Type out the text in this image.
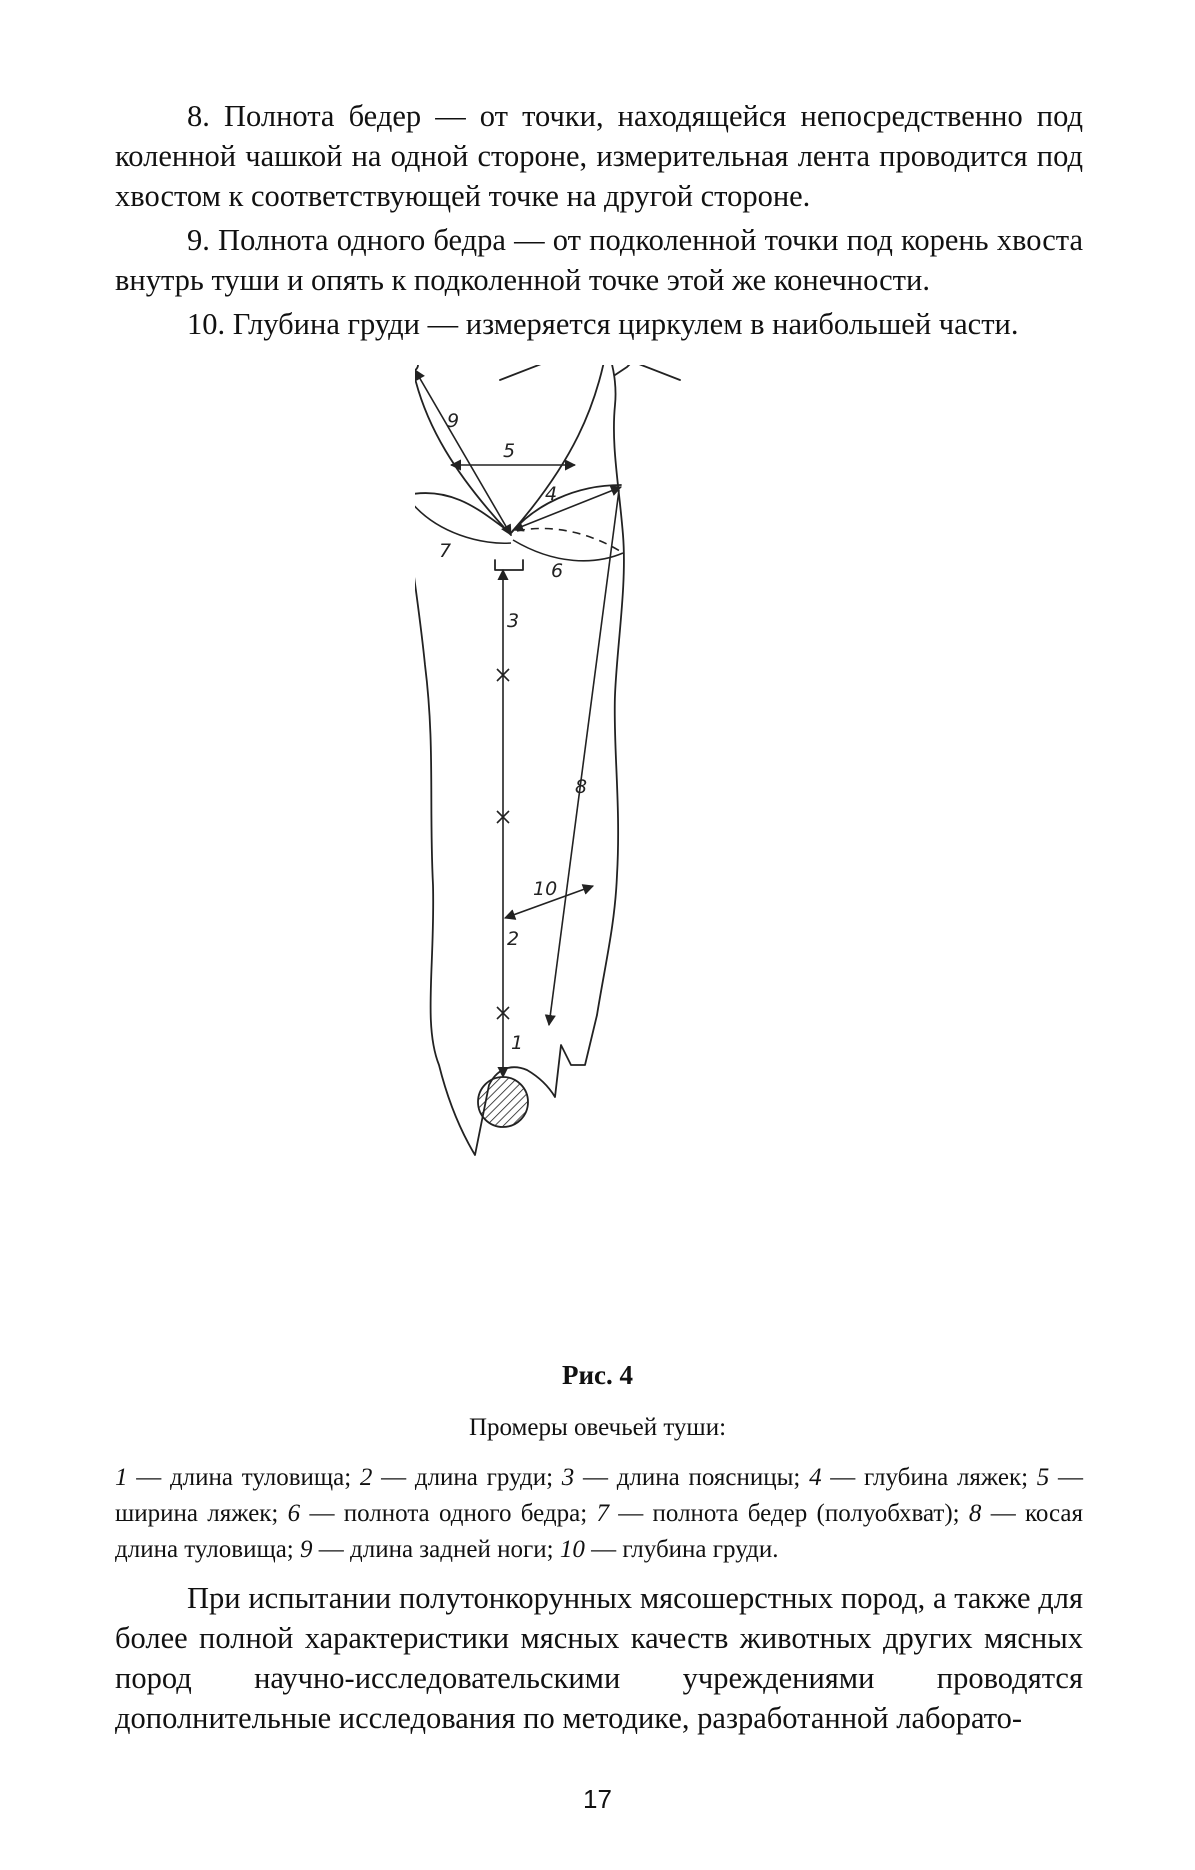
8. Полнота бедер — от точки, находящейся непосредственно под коленной чашкой на одной стороне, измерительная лента проводится под хвостом к соответствующей точке на другой стороне.

9. Полнота одного бедра — от подколенной точки под корень хвоста внутрь туши и опять к подколенной точке этой же конечности.

10. Глубина груди — измеряется циркулем в наибольшей части.

9
5
4
7
6
3
8
10
2
1
Рис. 4
Промеры овечьей туши:

1 — длина туловища; 2 — длина груди; 3 — длина поясницы; 4 — глубина ляжек; 5 — ширина ляжек; 6 — полнота одного бедра; 7 — полнота бедер (полуобхват); 8 — косая длина туловища; 9 — длина задней ноги; 10 — глубина груди.

При испытании полутонкорунных мясошерстных пород, а также для более полной характеристики мясных качеств животных других мясных пород научно-исследовательскими учреждениями проводятся дополнительные исследования по методике, разработанной лаборато-

17
